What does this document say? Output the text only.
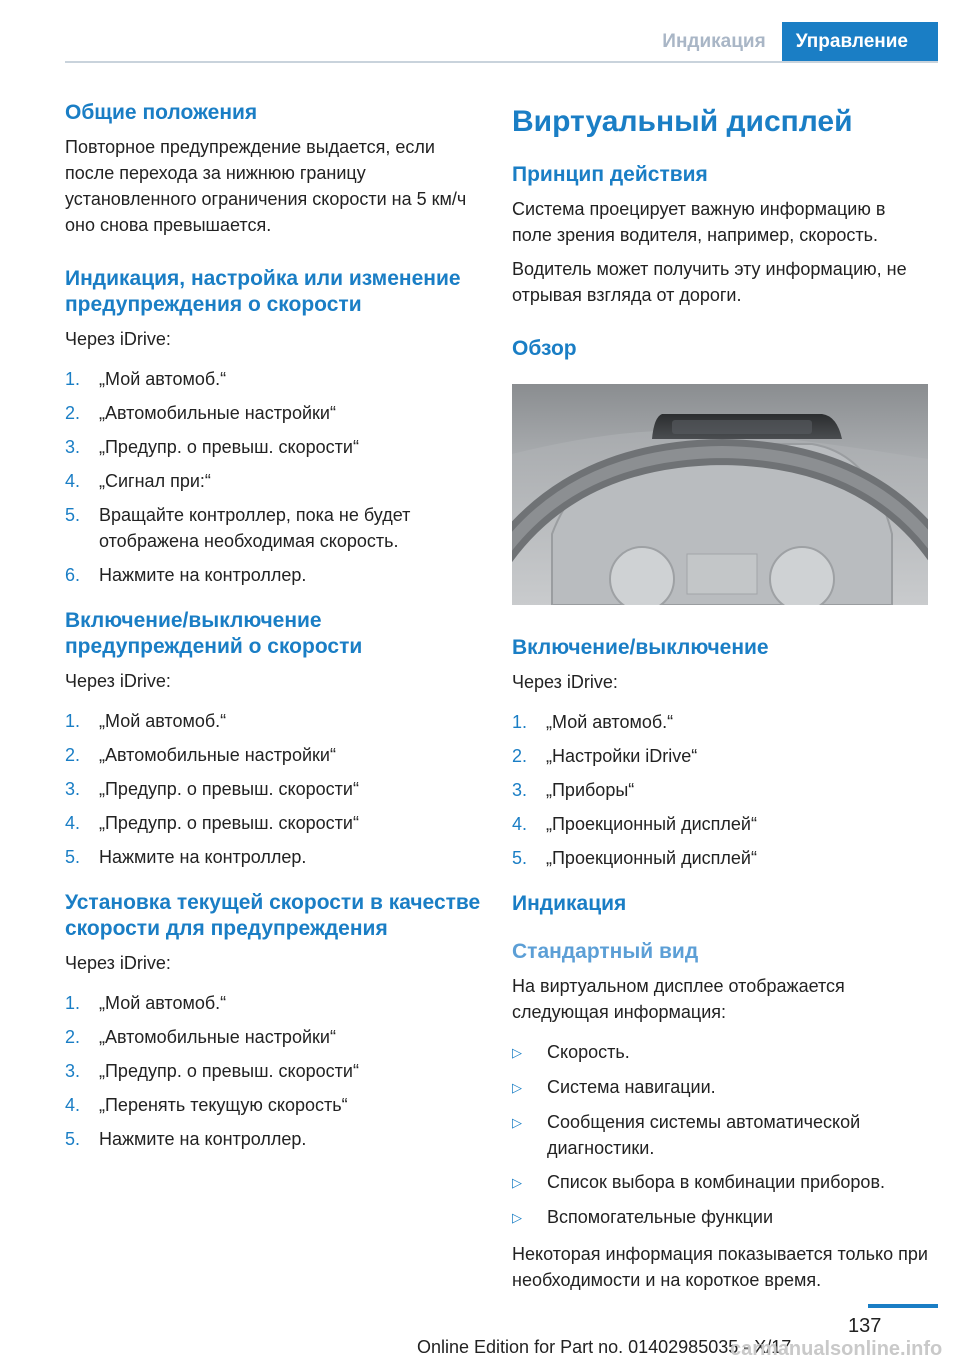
Индикация	Управление
Общие положения
Повторное предупреждение выдается, если после перехода за нижнюю границу установленного ограничения скорости на 5 км/ч оно снова превышается.
Индикация, настройка или изменение предупреждения о скорости
Через iDrive:
1.	„Мой автомоб.“
2.	„Автомобильные настройки“
3.	„Предупр. о превыш. скорости“
4.	„Сигнал при:“
5.	Вращайте контроллер, пока не будет отображена необходимая скорость.
6.	Нажмите на контроллер.
Включение/выключение предупреждений о скорости
Через iDrive:
1.	„Мой автомоб.“
2.	„Автомобильные настройки“
3.	„Предупр. о превыш. скорости“
4.	„Предупр. о превыш. скорости“
5.	Нажмите на контроллер.
Установка текущей скорости в качестве скорости для предупреждения
Через iDrive:
1.	„Мой автомоб.“
2.	„Автомобильные настройки“
3.	„Предупр. о превыш. скорости“
4.	„Перенять текущую скорость“
5.	Нажмите на контроллер.
Виртуальный дисплей
Принцип действия
Система проецирует важную информацию в поле зрения водителя, например, скорость.
Водитель может получить эту информацию, не отрывая взгляда от дороги.
Обзор
Включение/выключение
Через iDrive:
1.	„Мой автомоб.“
2.	„Настройки iDrive“
3.	„Приборы“
4.	„Проекционный дисплей“
5.	„Проекционный дисплей“
Индикация
Стандартный вид
На виртуальном дисплее отображается следующая информация:
▷	Скорость.
▷	Система навигации.
▷	Сообщения системы автоматической диагностики.
▷	Список выбора в комбинации приборов.
▷	Вспомогательные функции
Некоторая информация показывается только при необходимости и на короткое время.
137
Online Edition for Part no. 01402985035 - X/17
carmanualsonline.info
